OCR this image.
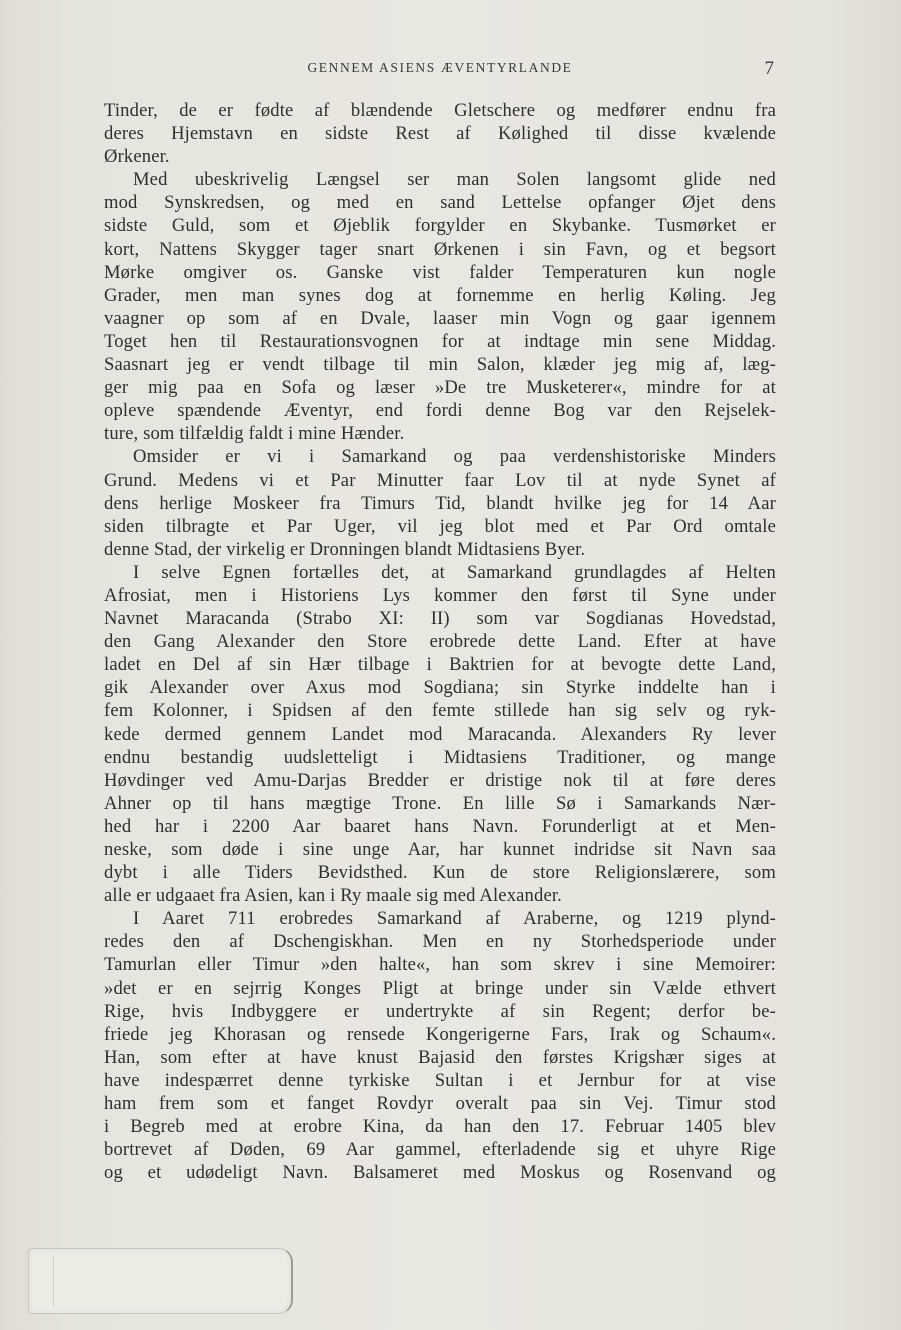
GENNEM ASIENS ÆVENTYRLANDE	7
Tinder, de er fødte af blændende Gletschere og medfører endnu fra
deres Hjemstavn en sidste Rest af Kølighed til disse kvælende
Ørkener.
Med ubeskrivelig Længsel ser man Solen langsomt glide ned
mod Synskredsen, og med en sand Lettelse opfanger Øjet dens
sidste Guld, som et Øjeblik forgylder en Skybanke. Tusmørket er
kort, Nattens Skygger tager snart Ørkenen i sin Favn, og et begsort
Mørke omgiver os. Ganske vist falder Temperaturen kun nogle
Grader, men man synes dog at fornemme en herlig Køling. Jeg
vaagner op som af en Dvale, laaser min Vogn og gaar igennem
Toget hen til Restaurationsvognen for at indtage min sene Middag.
Saasnart jeg er vendt tilbage til min Salon, klæder jeg mig af, læg-
ger mig paa en Sofa og læser »De tre Musketerer«, mindre for at
opleve spændende Æventyr, end fordi denne Bog var den Rejselek-
ture, som tilfældig faldt i mine Hænder.
Omsider er vi i Samarkand og paa verdenshistoriske Minders
Grund. Medens vi et Par Minutter faar Lov til at nyde Synet af
dens herlige Moskeer fra Timurs Tid, blandt hvilke jeg for 14 Aar
siden tilbragte et Par Uger, vil jeg blot med et Par Ord omtale
denne Stad, der virkelig er Dronningen blandt Midtasiens Byer.
I selve Egnen fortælles det, at Samarkand grundlagdes af Helten
Afrosiat, men i Historiens Lys kommer den først til Syne under
Navnet Maracanda (Strabo XI: II) som var Sogdianas Hovedstad,
den Gang Alexander den Store erobrede dette Land. Efter at have
ladet en Del af sin Hær tilbage i Baktrien for at bevogte dette Land,
gik Alexander over Axus mod Sogdiana; sin Styrke inddelte han i
fem Kolonner, i Spidsen af den femte stillede han sig selv og ryk-
kede dermed gennem Landet mod Maracanda. Alexanders Ry lever
endnu bestandig uudsletteligt i Midtasiens Traditioner, og mange
Høvdinger ved Amu-Darjas Bredder er dristige nok til at føre deres
Ahner op til hans mægtige Trone. En lille Sø i Samarkands Nær-
hed har i 2200 Aar baaret hans Navn. Forunderligt at et Men-
neske, som døde i sine unge Aar, har kunnet indridse sit Navn saa
dybt i alle Tiders Bevidsthed. Kun de store Religionslærere, som
alle er udgaaet fra Asien, kan i Ry maale sig med Alexander.
I Aaret 711 erobredes Samarkand af Araberne, og 1219 plynd-
redes den af Dschengiskhan. Men en ny Storhedsperiode under
Tamurlan eller Timur »den halte«, han som skrev i sine Memoirer:
»det er en sejrrig Konges Pligt at bringe under sin Vælde ethvert
Rige, hvis Indbyggere er undertrykte af sin Regent; derfor be-
friede jeg Khorasan og rensede Kongerigerne Fars, Irak og Schaum«.
Han, som efter at have knust Bajasid den førstes Krigshær siges at
have indespærret denne tyrkiske Sultan i et Jernbur for at vise
ham frem som et fanget Rovdyr overalt paa sin Vej. Timur stod
i Begreb med at erobre Kina, da han den 17. Februar 1405 blev
bortrevet af Døden, 69 Aar gammel, efterladende sig et uhyre Rige
og et udødeligt Navn. Balsameret med Moskus og Rosenvand og
